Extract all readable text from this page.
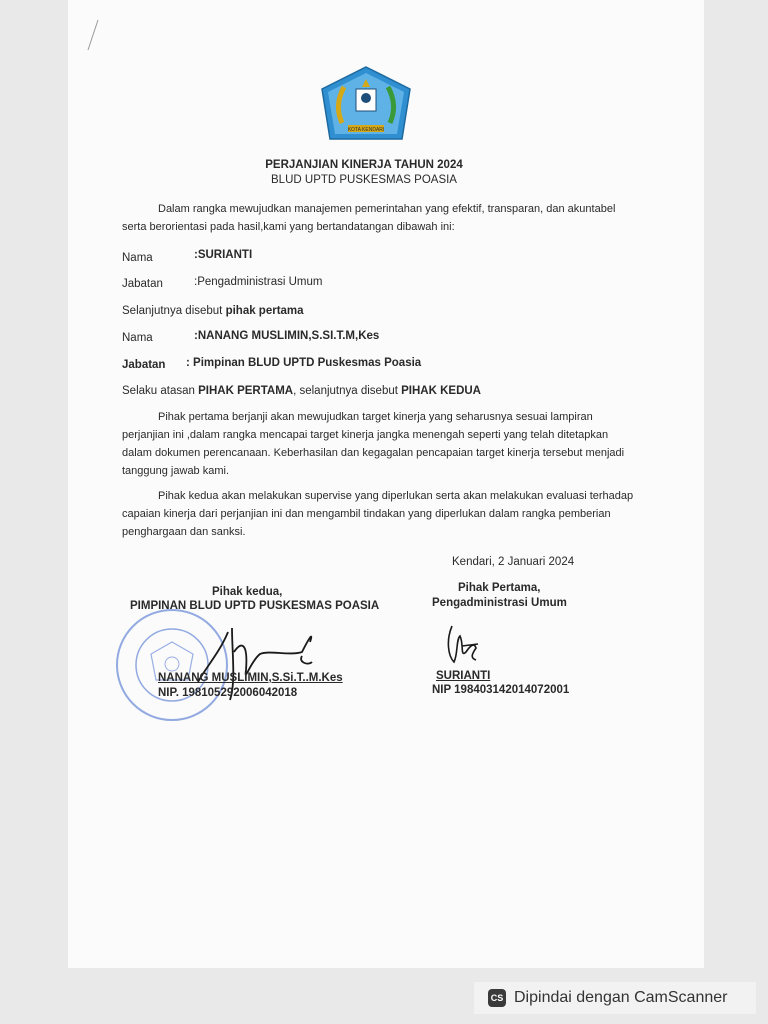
KOTA KENDARI
PERJANJIAN KINERJA TAHUN 2024
BLUD UPTD PUSKESMAS POASIA
Dalam rangka mewujudkan manajemen pemerintahan yang efektif, transparan, dan akuntabel
serta berorientasi pada hasil,kami yang bertandatangan dibawah ini:
Nama	:SURIANTI
Jabatan	:Pengadministrasi Umum
Selanjutnya disebut pihak pertama
Nama	:NANANG MUSLIMIN,S.SI.T.M,Kes
Jabatan : Pimpinan BLUD UPTD Puskesmas Poasia
Selaku atasan PIHAK PERTAMA, selanjutnya disebut PIHAK KEDUA
Pihak pertama berjanji akan mewujudkan target kinerja yang seharusnya sesuai lampiran
perjanjian ini ,dalam rangka mencapai target kinerja jangka menengah seperti yang telah ditetapkan
dalam dokumen perencanaan. Keberhasilan dan kegagalan pencapaian target kinerja tersebut menjadi
tanggung jawab kami.
Pihak kedua akan melakukan supervise yang diperlukan serta akan melakukan evaluasi terhadap
capaian kinerja dari perjanjian ini dan mengambil tindakan yang diperlukan dalam rangka pemberian
penghargaan dan sanksi.
Kendari, 2 Januari 2024
Pihak kedua,
PIMPINAN BLUD UPTD PUSKESMAS POASIA
NANANG MUSLIMIN,S.Si.T..M.Kes
NIP. 198105292006042018
Pihak Pertama,
Pengadministrasi Umum
SURIANTI
NIP 198403142014072001
CS Dipindai dengan CamScanner
